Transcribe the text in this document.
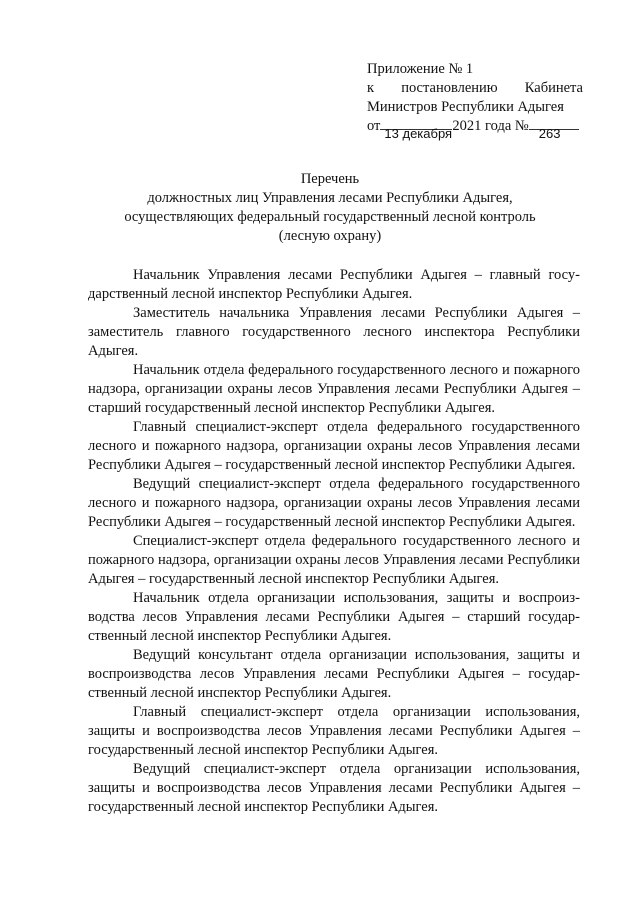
Приложение № 1
к постановлению Кабинета
Министров Республики Адыгея
от 13 декабря 2021 года № 263
Перечень
должностных лиц Управления лесами Республики Адыгея,
осуществляющих федеральный государственный лесной контроль
(лесную охрану)

Начальник Управления лесами Республики Адыгея – главный государственный лесной инспектор Республики Адыгея.

Заместитель начальника Управления лесами Республики Адыгея – заместитель главного государственного лесного инспектора Республики Адыгея.

Начальник отдела федерального государственного лесного и пожарного надзора, организации охраны лесов Управления лесами Республики Адыгея – старший государственный лесной инспектор Республики Адыгея.

Главный специалист-эксперт отдела федерального государственного лесного и пожарного надзора, организации охраны лесов Управления лесами Республики Адыгея – государственный лесной инспектор Республики Адыгея.

Ведущий специалист-эксперт отдела федерального государственного лесного и пожарного надзора, организации охраны лесов Управления лесами Республики Адыгея – государственный лесной инспектор Республики Адыгея.

Специалист-эксперт отдела федерального государственного лесного и пожарного надзора, организации охраны лесов Управления лесами Республики Адыгея – государственный лесной инспектор Республики Адыгея.

Начальник отдела организации использования, защиты и воспроизводства лесов Управления лесами Республики Адыгея – старший государственный лесной инспектор Республики Адыгея.

Ведущий консультант отдела организации использования, защиты и воспроизводства лесов Управления лесами Республики Адыгея – государственный лесной инспектор Республики Адыгея.

Главный специалист-эксперт отдела организации использования, защиты и воспроизводства лесов Управления лесами Республики Адыгея – государственный лесной инспектор Республики Адыгея.

Ведущий специалист-эксперт отдела организации использования, защиты и воспроизводства лесов Управления лесами Республики Адыгея – государственный лесной инспектор Республики Адыгея.
